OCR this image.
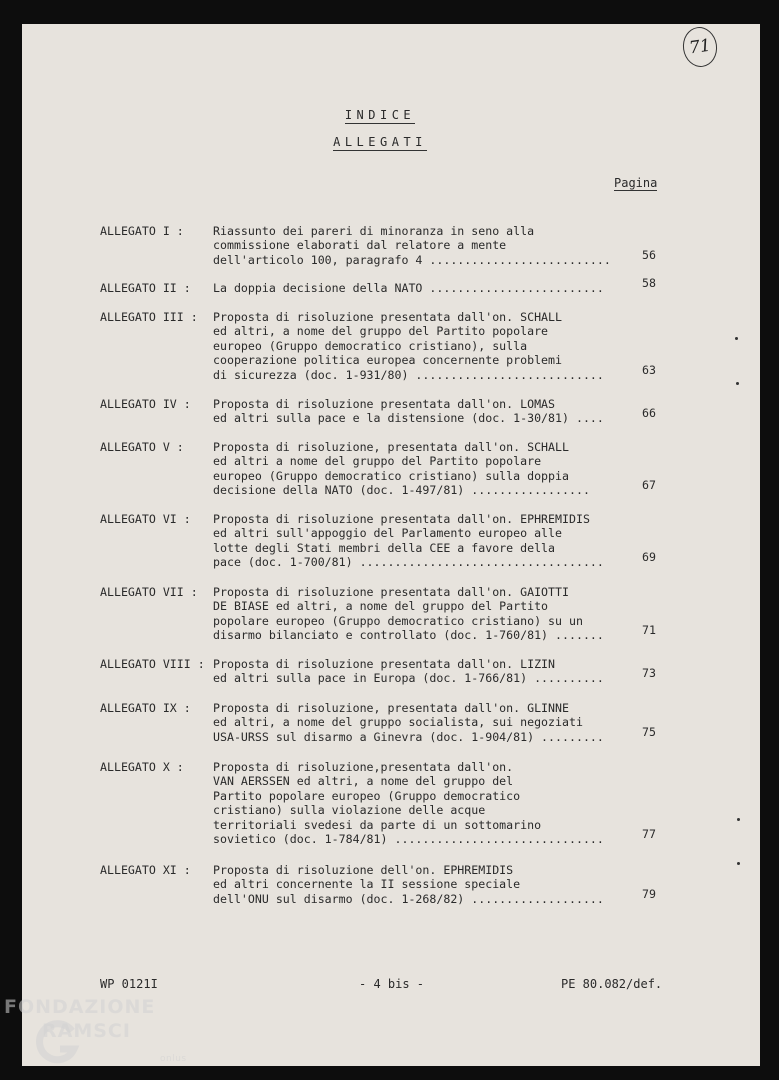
71
INDICE
ALLEGATI
Pagina
ALLEGATO I :	Riassunto dei pareri di minoranza in seno alla
commissione elaborati dal relatore a mente
dell'articolo 100, paragrafo 4 ..........................	56
ALLEGATO II : La doppia decisione della NATO .........................	58
ALLEGATO III : Proposta di risoluzione presentata dall'on. SCHALL
ed altri, a nome del gruppo del Partito popolare
europeo (Gruppo democratico cristiano), sulla
cooperazione politica europea concernente problemi
di sicurezza (doc. 1-931/80) ...........................	63
ALLEGATO IV : Proposta di risoluzione presentata dall'on. LOMAS
ed altri sulla pace e la distensione (doc. 1-30/81) ....	66
ALLEGATO V :	Proposta di risoluzione, presentata dall'on. SCHALL
ed altri a nome del gruppo del Partito popolare
europeo (Gruppo democratico cristiano) sulla doppia
decisione della NATO (doc. 1-497/81) .................	67
ALLEGATO VI : Proposta di risoluzione presentata dall'on. EPHREMIDIS
ed altri sull'appoggio del Parlamento europeo alle
lotte degli Stati membri della CEE a favore della
pace (doc. 1-700/81) ...................................	69
ALLEGATO VII : Proposta di risoluzione presentata dall'on. GAIOTTI
DE BIASE ed altri, a nome del gruppo del Partito
popolare europeo (Gruppo democratico cristiano) su un
disarmo bilanciato e controllato (doc. 1-760/81) .......	71
ALLEGATO VIII : Proposta di risoluzione presentata dall'on. LIZIN
ed altri sulla pace in Europa (doc. 1-766/81) ..........	73
ALLEGATO IX : Proposta di risoluzione, presentata dall'on. GLINNE
ed altri, a nome del gruppo socialista, sui negoziati
USA-URSS sul disarmo a Ginevra (doc. 1-904/81) .........	75
ALLEGATO X :	Proposta di risoluzione,presentata dall'on.
VAN AERSSEN ed altri, a nome del gruppo del
Partito popolare europeo (Gruppo democratico
cristiano) sulla violazione delle acque
territoriali svedesi da parte di un sottomarino
sovietico (doc. 1-784/81) ..............................	77
ALLEGATO XI : Proposta di risoluzione dell'on. EPHREMIDIS
ed altri concernente la II sessione speciale
dell'ONU sul disarmo (doc. 1-268/82) ...................	79
WP 0121I	- 4 bis -	PE 80.082/def.
FONDAZIONE
RAMSCI
onlus
